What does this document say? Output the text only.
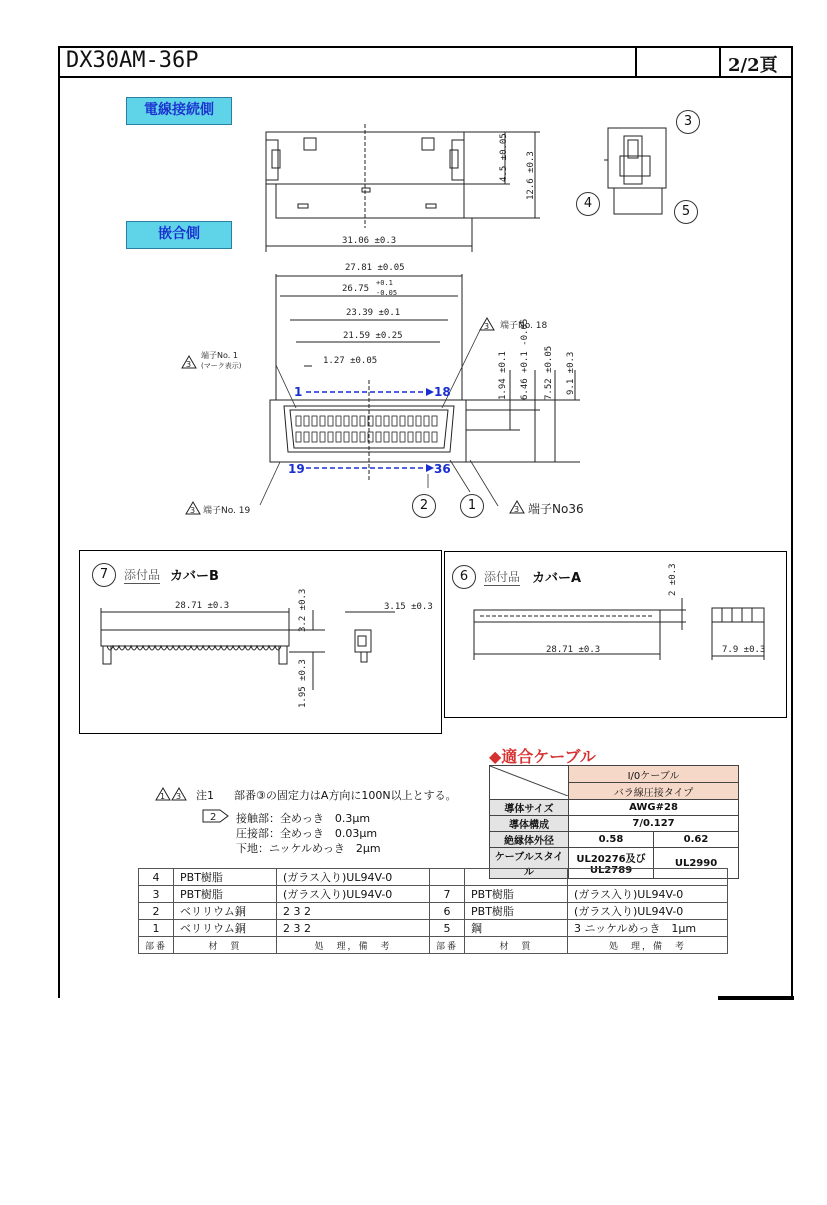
DX30AM-36P	2/2頁
電線接続側
嵌合側
4.5 ±0.05 12.6 ±0.3
31.06 ±0.3
3
4
5
27.81 ±0.05
26.75
+0.1
-0.05
23.39 ±0.1
21.59 ±0.25
1.27 ±0.05	1.94 ±0.1 6.46 +0.1 -0.05 7.52 ±0.05 9.1 ±0.3
1	18
19	36
3
端子No. 1
(マーク表示)
3 端子No. 18
3 端子No. 19	2	1	3 端子No36
7	添付品 カバーB
28.71 ±0.3	3.2 ±0.3	3.15 ±0.3
1.95 ±0.3
6	添付品 カバーA	2 ±0.3
28.71 ±0.3	7.9 ±0.3
1 3 注1 部番③の固定力はA方向に100N以上とする。
2 接触部：全めっき　0.3μm
圧接部：全めっき　0.03μm
下地：ニッケルめっき　2μm
◆適合ケーブル
	I/0ケーブル	
	バラ線圧接タイプ	
導体サイズ	AWG#28	
導体構成	7/0.127	
絶縁体外径	0.58	0.62
ケーブルスタイル	UL20276及び UL2789	UL2990
4	PBT樹脂	(ガラス入り)UL94V-0			
3	PBT樹脂	(ガラス入り)UL94V-0	7	PBT樹脂	(ガラス入り)UL94V-0
2	ベリリウム銅	2 3 2	6	PBT樹脂	(ガラス入り)UL94V-0
1	ベリリウム銅	2 3 2	5	鋼	3 ニッケルめっき　1μm
部番	材　質	処　理，備　考	部番	材　質	処　理，備　考
